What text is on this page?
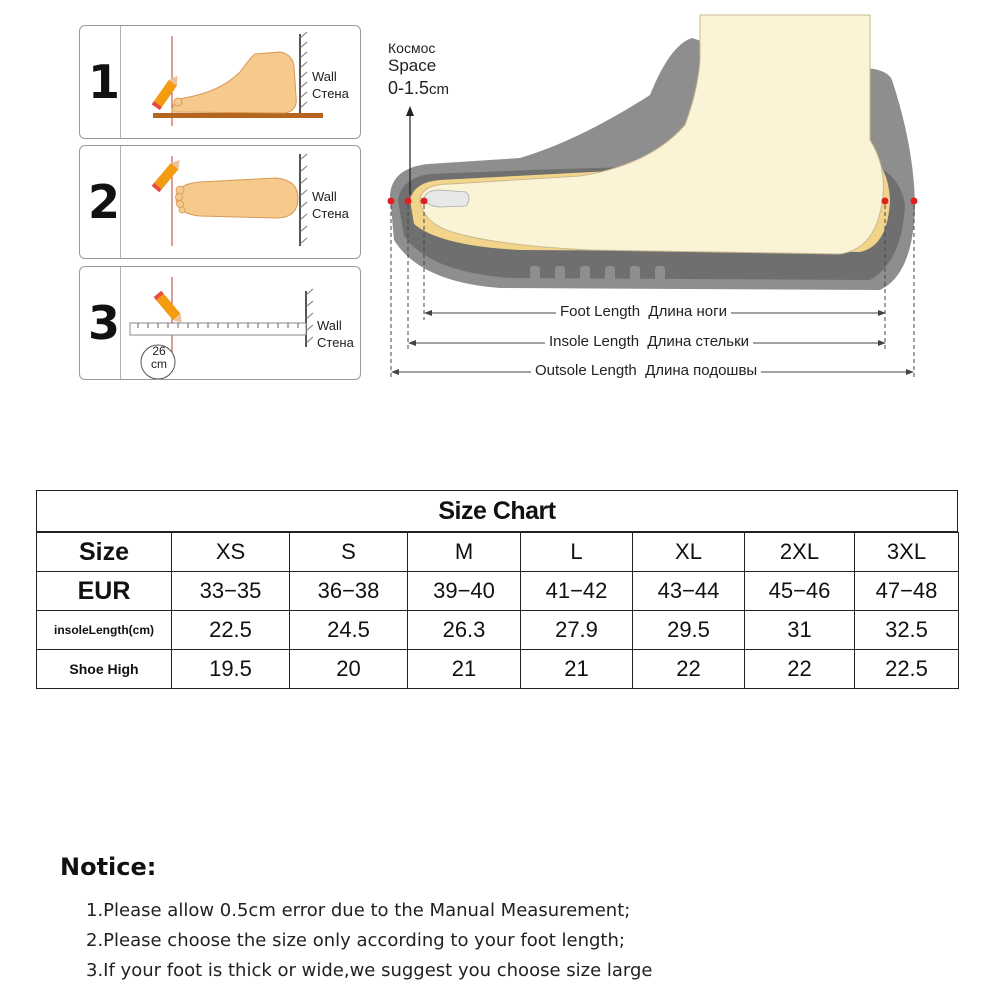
1	Wall
Стена
2	Wall
Стена
3
26
cm
Wall
Стена
Космос
Space
0-1.5cm
Foot Length Длина ноги
Insole Length Длина стельки
Outsole Length Длина подошвы
Size Chart
Size	XS	S	M	L	XL	2XL	3XL
EUR	33−35	36−38	39−40	41−42	43−44	45−46	47−48
insoleLength(cm)	22.5	24.5	26.3	27.9	29.5	31	32.5
Shoe High	19.5	20	21	21	22	22	22.5
Notice:
1.Please allow 0.5cm error due to the Manual Measurement;
2.Please choose the size only according to your foot length;
3.If your foot is thick or wide,we suggest you choose size large
